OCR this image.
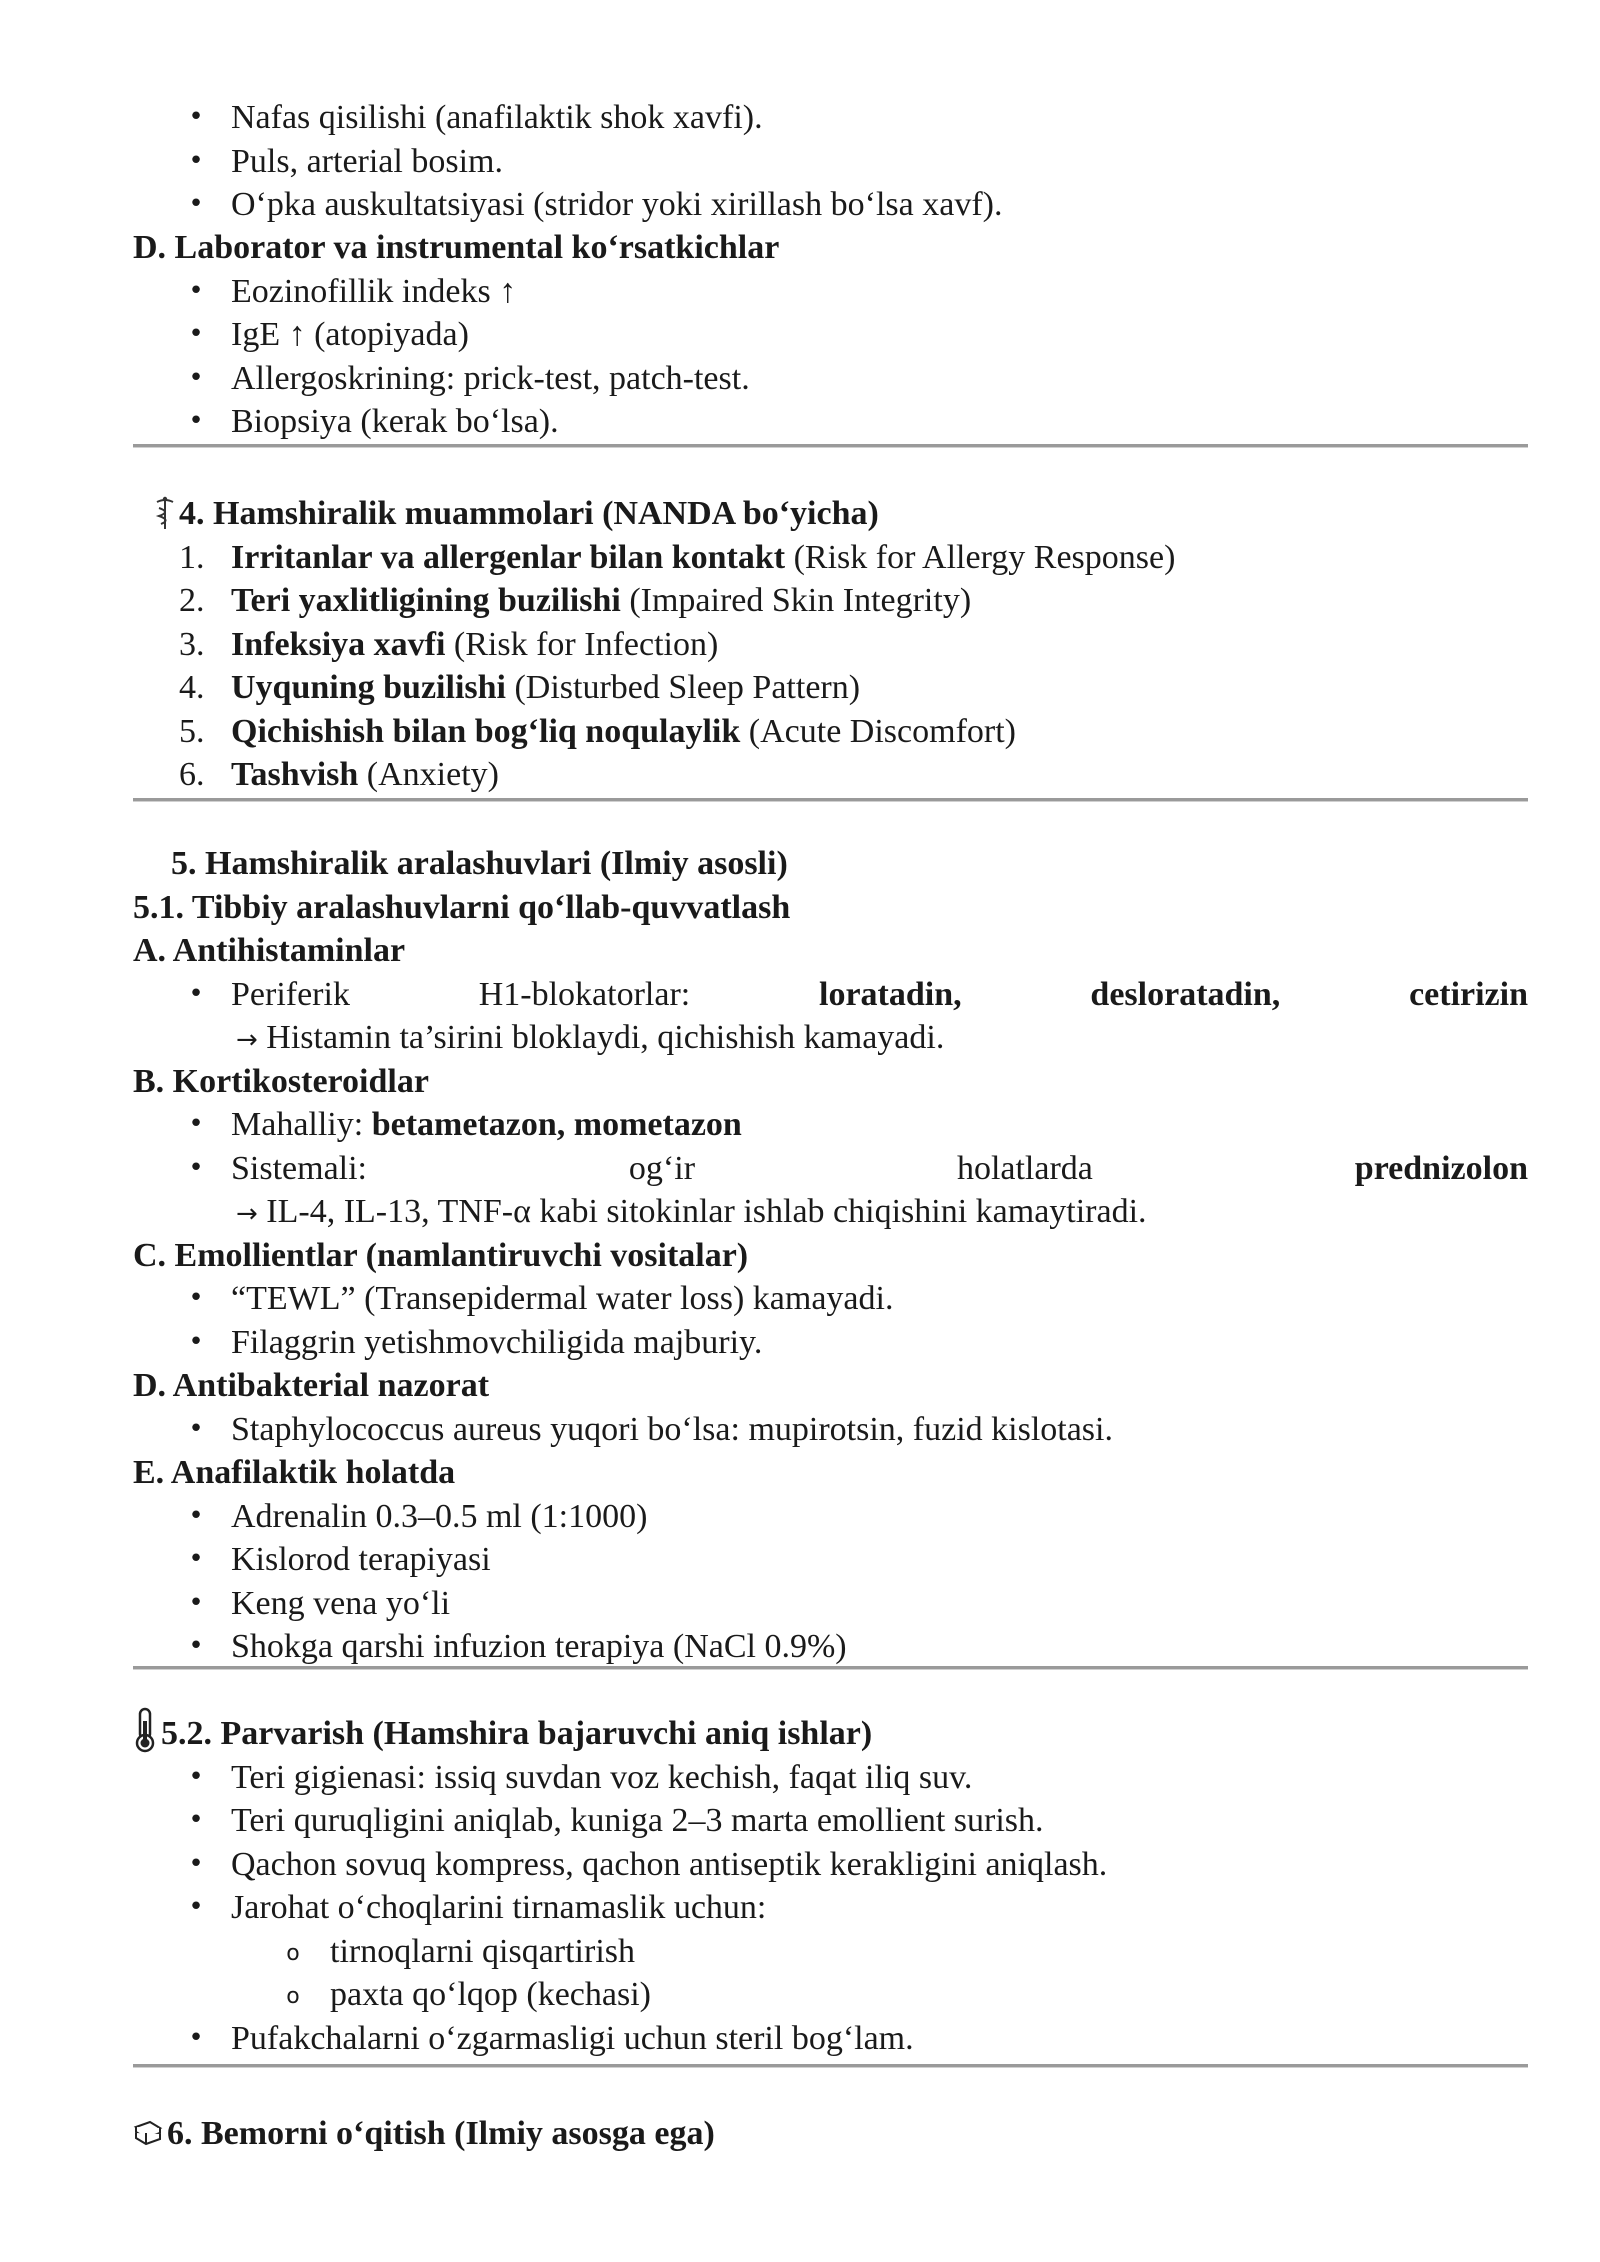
• Nafas qisilishi (anafilaktik shok xavfi).
• Puls, arterial bosim.
• O‘pka auskultatsiyasi (stridor yoki xirillash bo‘lsa xavf).
D. Laborator va instrumental ko‘rsatkichlar
• Eozinofillik indeks ↑
• IgE ↑ (atopiyada)
• Allergoskrining: prick-test, patch-test.
• Biopsiya (kerak bo‘lsa).
4. Hamshiralik muammolari (NANDA bo‘yicha)
1. Irritanlar va allergenlar bilan kontakt (Risk for Allergy Response)
2. Teri yaxlitligining buzilishi (Impaired Skin Integrity)
3. Infeksiya xavfi (Risk for Infection)
4. Uyquning buzilishi (Disturbed Sleep Pattern)
5. Qichishish bilan bog‘liq noqulaylik (Acute Discomfort)
6. Tashvish (Anxiety)
5. Hamshiralik aralashuvlari (Ilmiy asosli)
5.1. Tibbiy aralashuvlarni qo‘llab-quvvatlash
A. Antihistaminlar
• Periferik	H1-blokatorlar:	loratadin,	desloratadin,	cetirizin
→ Histamin ta’sirini bloklaydi, qichishish kamayadi.
B. Kortikosteroidlar
• Mahalliy: betametazon, mometazon
• Sistemali:	og‘ir	holatlarda	prednizolon
→ IL-4, IL-13, TNF-α kabi sitokinlar ishlab chiqishini kamaytiradi.
C. Emollientlar (namlantiruvchi vositalar)
• “TEWL” (Transepidermal water loss) kamayadi.
• Filaggrin yetishmovchiligida majburiy.
D. Antibakterial nazorat
• Staphylococcus aureus yuqori bo‘lsa: mupirotsin, fuzid kislotasi.
E. Anafilaktik holatda
• Adrenalin 0.3–0.5 ml (1:1000)
• Kislorod terapiyasi
• Keng vena yo‘li
• Shokga qarshi infuzion terapiya (NaCl 0.9%)
5.2. Parvarish (Hamshira bajaruvchi aniq ishlar)
• Teri gigienasi: issiq suvdan voz kechish, faqat iliq suv.
• Teri quruqligini aniqlab, kuniga 2–3 marta emollient surish.
• Qachon sovuq kompress, qachon antiseptik kerakligini aniqlash.
• Jarohat o‘choqlarini tirnamaslik uchun:
o tirnoqlarni qisqartirish
o paxta qo‘lqop (kechasi)
• Pufakchalarni o‘zgarmasligi uchun steril bog‘lam.
6. Bemorni o‘qitish (Ilmiy asosga ega)
